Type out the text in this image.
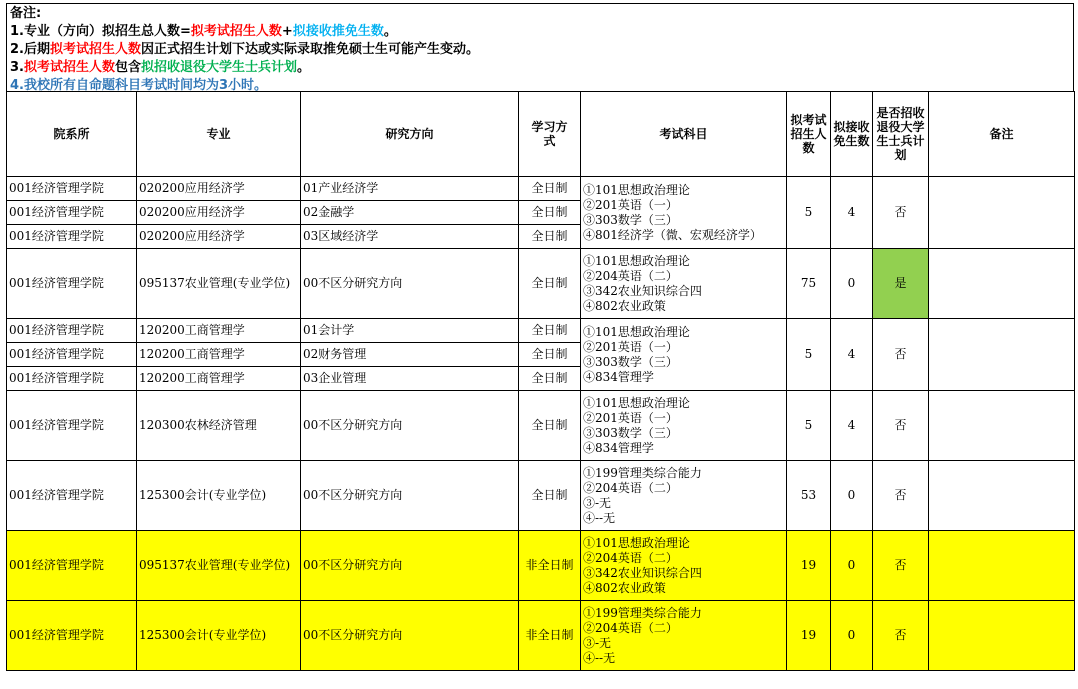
备注:
1.专业（方向）拟招生总人数=拟考试招生人数+拟接收推免生数。
2.后期拟考试招生人数因正式招生计划下达或实际录取推免硕士生可能产生变动。
3.拟考试招生人数包含拟招收退役大学生士兵计划。
4.我校所有自命题科目考试时间均为3小时。
院系所	专业	研究方向	学习方式	考试科目	拟考试招生人数	拟接收免生数	是否招收退役大学生士兵计划	备注
001经济管理学院	020200应用经济学	01产业经济学	全日制	①101思想政治理论
②201英语（一）
③303数学（三）
④801经济学（微、宏观经济学）	5	4	否	
001经济管理学院	020200应用经济学	02金融学	全日制					
001经济管理学院	020200应用经济学	03区域经济学	全日制					
001经济管理学院	095137农业管理(专业学位)	00不区分研究方向	全日制	①101思想政治理论
②204英语（二）
③342农业知识综合四
④802农业政策	75	0	是	
001经济管理学院	120200工商管理学	01会计学	全日制	①101思想政治理论
②201英语（一）
③303数学（三）
④834管理学	5	4	否	
001经济管理学院	120200工商管理学	02财务管理	全日制					
001经济管理学院	120200工商管理学	03企业管理	全日制					
001经济管理学院	120300农林经济管理	00不区分研究方向	全日制	①101思想政治理论
②201英语（一）
③303数学（三）
④834管理学	5	4	否	
001经济管理学院	125300会计(专业学位)	00不区分研究方向	全日制	①199管理类综合能力
②204英语（二）
③-无
④--无	53	0	否	
001经济管理学院	095137农业管理(专业学位)	00不区分研究方向	非全日制	①101思想政治理论
②204英语（二）
③342农业知识综合四
④802农业政策	19	0	否	
001经济管理学院	125300会计(专业学位)	00不区分研究方向	非全日制	①199管理类综合能力
②204英语（二）
③-无
④--无	19	0	否	
